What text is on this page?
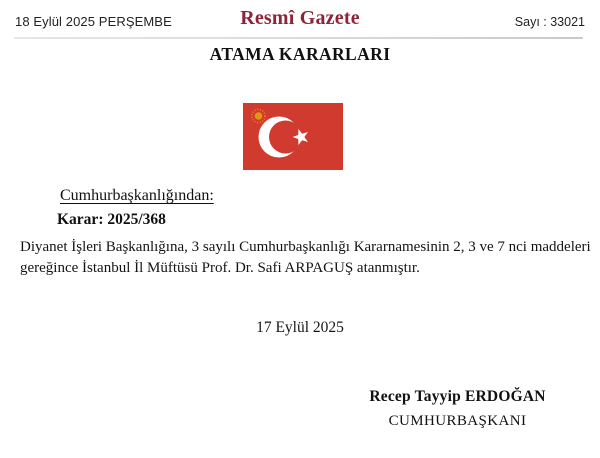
18 Eylül 2025 PERŞEMBE	Resmî Gazete	Sayı : 33021
ATAMA KARARLARI
Cumhurbaşkanlığından:
Karar: 2025/368
Diyanet İşleri Başkanlığına, 3 sayılı Cumhurbaşkanlığı Kararnamesinin 2, 3 ve 7 nci maddeleri
gereğince İstanbul İl Müftüsü Prof. Dr. Safi ARPAGUŞ atanmıştır.
17 Eylül 2025
Recep Tayyip ERDOĞAN
CUMHURBAŞKANI
